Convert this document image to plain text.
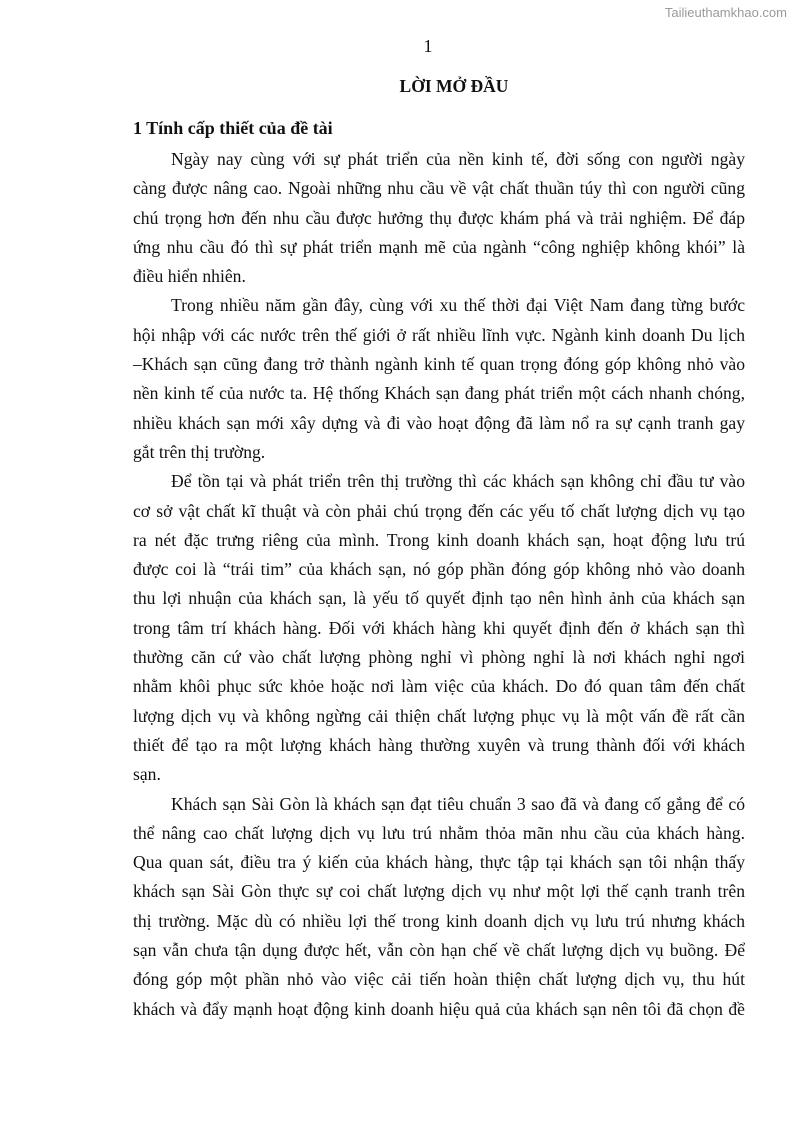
Tailieuthamkhao.com
1
LỜI MỞ ĐẦU
1 Tính cấp thiết của đề tài
Ngày nay cùng với sự phát triển của nền kinh tế, đời sống con người ngày
càng được nâng cao. Ngoài những nhu cầu về vật chất thuần túy thì con người cũng
chú trọng hơn đến nhu cầu được hưởng thụ được khám phá và trải nghiệm. Để đáp
ứng nhu cầu đó thì sự phát triển mạnh mẽ của ngành “công nghiệp không khói” là
điều hiển nhiên.
Trong nhiều năm gần đây, cùng với xu thế thời đại Việt Nam đang từng bước
hội nhập với các nước trên thế giới ở rất nhiều lĩnh vực. Ngành kinh doanh Du lịch
–Khách sạn cũng đang trở thành ngành kinh tế quan trọng đóng góp không nhỏ vào
nền kinh tế của nước ta. Hệ thống Khách sạn đang phát triển một cách nhanh chóng,
nhiều khách sạn mới xây dựng và đi vào hoạt động đã làm nổ ra sự cạnh tranh gay
gắt trên thị trường.
Để tồn tại và phát triển trên thị trường thì các khách sạn không chỉ đầu tư vào
cơ sở vật chất kĩ thuật và còn phải chú trọng đến các yếu tố chất lượng dịch vụ tạo
ra nét đặc trưng riêng của mình. Trong kinh doanh khách sạn, hoạt động lưu trú
được coi là “trái tim” của khách sạn, nó góp phần đóng góp không nhỏ vào doanh
thu lợi nhuận của khách sạn, là yếu tố quyết định tạo nên hình ảnh của khách sạn
trong tâm trí khách hàng. Đối với khách hàng khi quyết định đến ở khách sạn thì
thường căn cứ vào chất lượng phòng nghỉ vì phòng nghỉ là nơi khách nghỉ ngơi
nhằm khôi phục sức khỏe hoặc nơi làm việc của khách. Do đó quan tâm đến chất
lượng dịch vụ và không ngừng cải thiện chất lượng phục vụ là một vấn đề rất cần
thiết để tạo ra một lượng khách hàng thường xuyên và trung thành đối với khách
sạn.
Khách sạn Sài Gòn là khách sạn đạt tiêu chuẩn 3 sao đã và đang cố gắng để có
thể nâng cao chất lượng dịch vụ lưu trú nhằm thỏa mãn nhu cầu của khách hàng.
Qua quan sát, điều tra ý kiến của khách hàng, thực tập tại khách sạn tôi nhận thấy
khách sạn Sài Gòn thực sự coi chất lượng dịch vụ như một lợi thế cạnh tranh trên
thị trường. Mặc dù có nhiều lợi thế trong kinh doanh dịch vụ lưu trú nhưng khách
sạn vẫn chưa tận dụng được hết, vẫn còn hạn chế về chất lượng dịch vụ buồng. Để
đóng góp một phần nhỏ vào việc cải tiến hoàn thiện chất lượng dịch vụ, thu hút
khách và đẩy mạnh hoạt động kinh doanh hiệu quả của khách sạn nên tôi đã chọn đề
